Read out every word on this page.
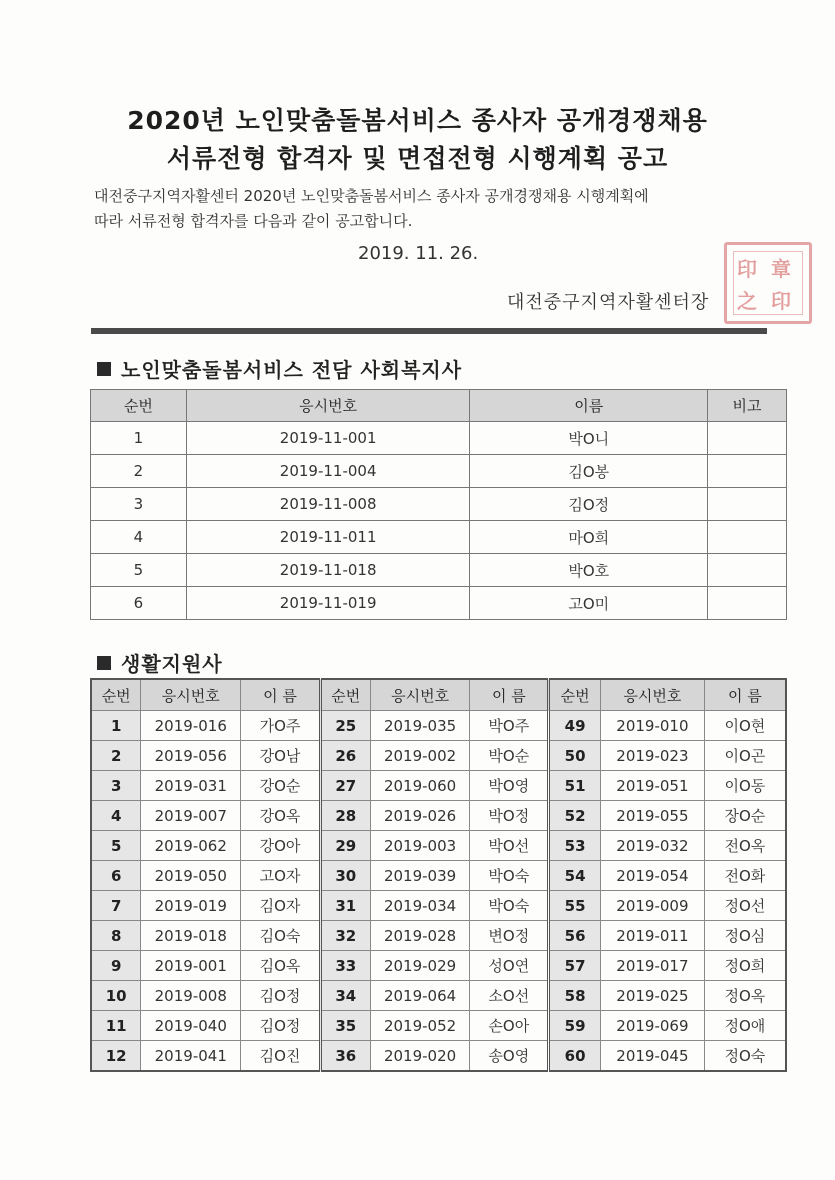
2020년 노인맞춤돌봄서비스 종사자 공개경쟁채용
서류전형 합격자 및 면접전형 시행계획 공고
대전중구지역자활센터 2020년 노인맞춤돌봄서비스 종사자 공개경쟁채용 시행계획에
따라 서류전형 합격자를 다음과 같이 공고합니다.
2019. 11. 26.
대전중구지역자활센터장
印 章
之 印
노인맞춤돌봄서비스 전담 사회복지사
순번	응시번호	이름	비고
1	2019-11-001	박O니	
2	2019-11-004	김O봉	
3	2019-11-008	김O정	
4	2019-11-011	마O희	
5	2019-11-018	박O호	
6	2019-11-019	고O미	
생활지원사
순번	응시번호	이 름	순번	응시번호	이 름	순번	응시번호	이 름
1	2019-016	가O주	25	2019-035	박O주	49	2019-010	이O현
2	2019-056	강O남	26	2019-002	박O순	50	2019-023	이O곤
3	2019-031	강O순	27	2019-060	박O영	51	2019-051	이O동
4	2019-007	강O옥	28	2019-026	박O정	52	2019-055	장O순
5	2019-062	강O아	29	2019-003	박O선	53	2019-032	전O옥
6	2019-050	고O자	30	2019-039	박O숙	54	2019-054	전O화
7	2019-019	김O자	31	2019-034	박O숙	55	2019-009	정O선
8	2019-018	김O숙	32	2019-028	변O정	56	2019-011	정O심
9	2019-001	김O옥	33	2019-029	성O연	57	2019-017	정O희
10	2019-008	김O정	34	2019-064	소O선	58	2019-025	정O옥
11	2019-040	김O정	35	2019-052	손O아	59	2019-069	정O애
12	2019-041	김O진	36	2019-020	송O영	60	2019-045	정O숙
